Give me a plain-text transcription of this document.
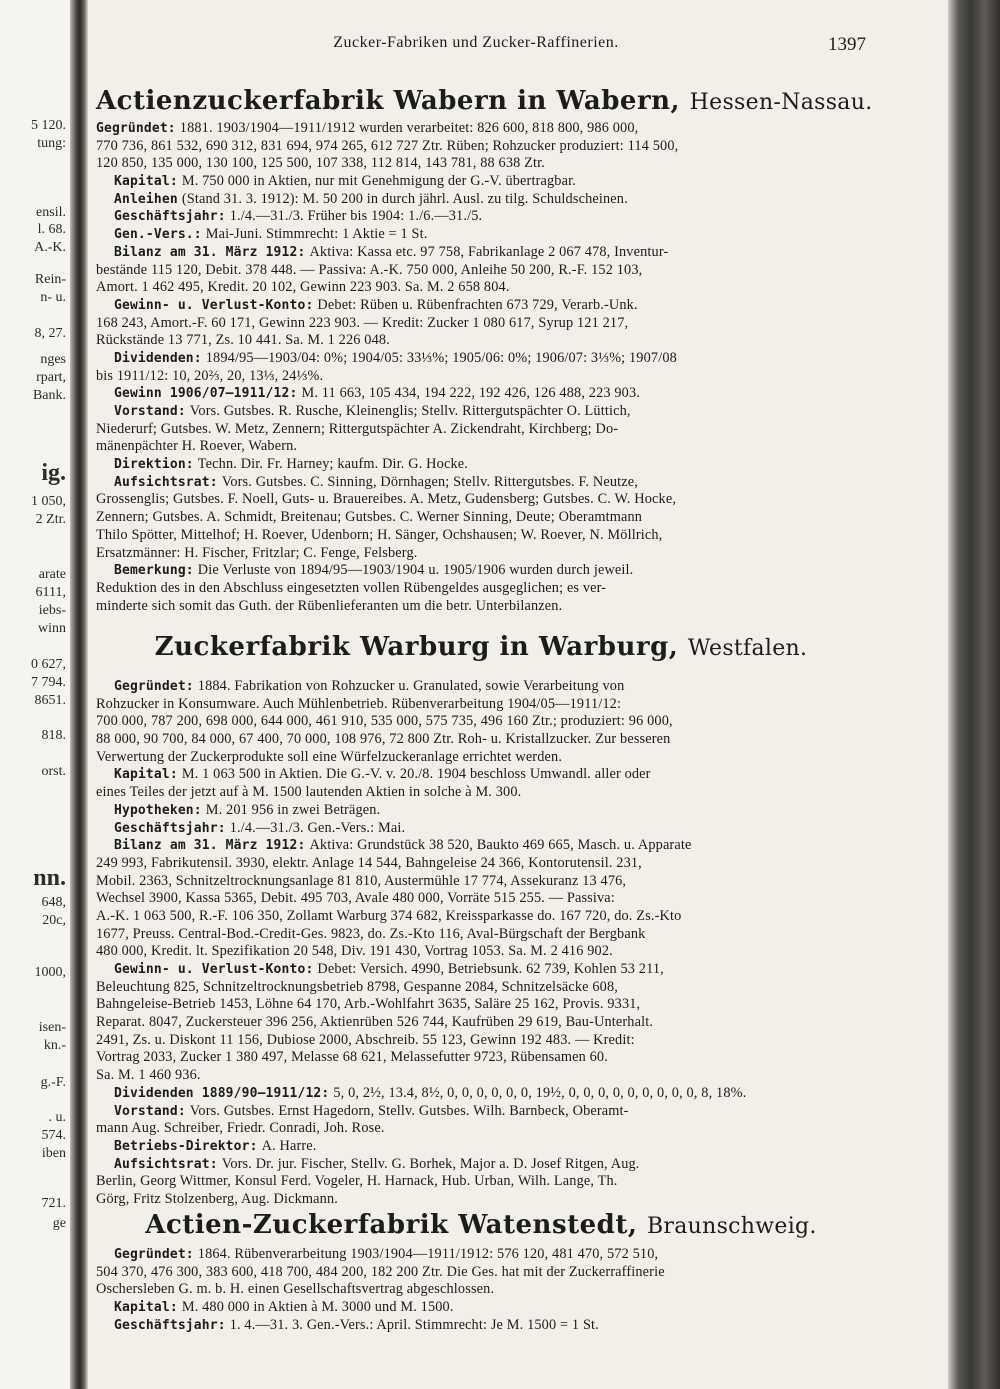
5 120.
tung:
ensil.
l. 68.
A.-K.
Rein-
n- u.
8, 27.
nges
rpart,
Bank.
ig.
1 050,
2 Ztr.
arate
6111,
iebs-
winn
0 627,
7 794.
8651.
818.
orst.
nn.
648,
20c,
1000,
isen-
kn.-
g.-F.
. u.
574.
iben
721.
ge
Zucker-Fabriken und Zucker-Raffinerien.	1397
Actienzuckerfabrik Wabern in Wabern, Hessen-Nassau.
Gegründet: 1881. 1903/1904—1911/1912 wurden verarbeitet: 826 600, 818 800, 986 000,
770 736, 861 532, 690 312, 831 694, 974 265, 612 727 Ztr. Rüben; Rohzucker produziert: 114 500,
120 850, 135 000, 130 100, 125 500, 107 338, 112 814, 143 781, 88 638 Ztr.
Kapital: M. 750 000 in Aktien, nur mit Genehmigung der G.-V. übertragbar.
Anleihen (Stand 31. 3. 1912): M. 50 200 in durch jährl. Ausl. zu tilg. Schuldscheinen.
Geschäftsjahr: 1./4.—31./3. Früher bis 1904: 1./6.—31./5.
Gen.-Vers.: Mai-Juni. Stimmrecht: 1 Aktie = 1 St.
Bilanz am 31. März 1912: Aktiva: Kassa etc. 97 758, Fabrikanlage 2 067 478, Inventur-
bestände 115 120, Debit. 378 448. — Passiva: A.-K. 750 000, Anleihe 50 200, R.-F. 152 103,
Amort. 1 462 495, Kredit. 20 102, Gewinn 223 903. Sa. M. 2 658 804.
Gewinn- u. Verlust-Konto: Debet: Rüben u. Rübenfrachten 673 729, Verarb.-Unk.
168 243, Amort.-F. 60 171, Gewinn 223 903. — Kredit: Zucker 1 080 617, Syrup 121 217,
Rückstände 13 771, Zs. 10 441. Sa. M. 1 226 048.
Dividenden: 1894/95—1903/04: 0%; 1904/05: 33⅓%; 1905/06: 0%; 1906/07: 3⅓%; 1907/08
bis 1911/12: 10, 20⅔, 20, 13⅓, 24⅓%.
Gewinn 1906/07—1911/12: M. 11 663, 105 434, 194 222, 192 426, 126 488, 223 903.
Vorstand: Vors. Gutsbes. R. Rusche, Kleinenglis; Stellv. Rittergutspächter O. Lüttich,
Niederurf; Gutsbes. W. Metz, Zennern; Rittergutspächter A. Zickendraht, Kirchberg; Do-
mänenpächter H. Roever, Wabern.
Direktion: Techn. Dir. Fr. Harney; kaufm. Dir. G. Hocke.
Aufsichtsrat: Vors. Gutsbes. C. Sinning, Dörnhagen; Stellv. Rittergutsbes. F. Neutze,
Grossenglis; Gutsbes. F. Noell, Guts- u. Brauereibes. A. Metz, Gudensberg; Gutsbes. C. W. Hocke,
Zennern; Gutsbes. A. Schmidt, Breitenau; Gutsbes. C. Werner Sinning, Deute; Oberamtmann
Thilo Spötter, Mittelhof; H. Roever, Udenborn; H. Sänger, Ochshausen; W. Roever, N. Möllrich,
Ersatzmänner: H. Fischer, Fritzlar; C. Fenge, Felsberg.
Bemerkung: Die Verluste von 1894/95—1903/1904 u. 1905/1906 wurden durch jeweil.
Reduktion des in den Abschluss eingesetzten vollen Rübengeldes ausgeglichen; es ver-
minderte sich somit das Guth. der Rübenlieferanten um die betr. Unterbilanzen.
Zuckerfabrik Warburg in Warburg, Westfalen.
Gegründet: 1884. Fabrikation von Rohzucker u. Granulated, sowie Verarbeitung von
Rohzucker in Konsumware. Auch Mühlenbetrieb. Rübenverarbeitung 1904/05—1911/12:
700 000, 787 200, 698 000, 644 000, 461 910, 535 000, 575 735, 496 160 Ztr.; produziert: 96 000,
88 000, 90 700, 84 000, 67 400, 70 000, 108 976, 72 800 Ztr. Roh- u. Kristallzucker. Zur besseren
Verwertung der Zuckerprodukte soll eine Würfelzuckeranlage errichtet werden.
Kapital: M. 1 063 500 in Aktien. Die G.-V. v. 20./8. 1904 beschloss Umwandl. aller oder
eines Teiles der jetzt auf à M. 1500 lautenden Aktien in solche à M. 300.
Hypotheken: M. 201 956 in zwei Beträgen.
Geschäftsjahr: 1./4.—31./3. Gen.-Vers.: Mai.
Bilanz am 31. März 1912: Aktiva: Grundstück 38 520, Baukto 469 665, Masch. u. Apparate
249 993, Fabrikutensil. 3930, elektr. Anlage 14 544, Bahngeleise 24 366, Kontorutensil. 231,
Mobil. 2363, Schnitzeltrocknungsanlage 81 810, Austermühle 17 774, Assekuranz 13 476,
Wechsel 3900, Kassa 5365, Debit. 495 703, Avale 480 000, Vorräte 515 255. — Passiva:
A.-K. 1 063 500, R.-F. 106 350, Zollamt Warburg 374 682, Kreissparkasse do. 167 720, do. Zs.-Kto
1677, Preuss. Central-Bod.-Credit-Ges. 9823, do. Zs.-Kto 116, Aval-Bürgschaft der Bergbank
480 000, Kredit. lt. Spezifikation 20 548, Div. 191 430, Vortrag 1053. Sa. M. 2 416 902.
Gewinn- u. Verlust-Konto: Debet: Versich. 4990, Betriebsunk. 62 739, Kohlen 53 211,
Beleuchtung 825, Schnitzeltrocknungsbetrieb 8798, Gespanne 2084, Schnitzelsäcke 608,
Bahngeleise-Betrieb 1453, Löhne 64 170, Arb.-Wohlfahrt 3635, Saläre 25 162, Provis. 9331,
Reparat. 8047, Zuckersteuer 396 256, Aktienrüben 526 744, Kaufrüben 29 619, Bau-Unterhalt.
2491, Zs. u. Diskont 11 156, Dubiose 2000, Abschreib. 55 123, Gewinn 192 483. — Kredit:
Vortrag 2033, Zucker 1 380 497, Melasse 68 621, Melassefutter 9723, Rübensamen 60.
Sa. M. 1 460 936.
Dividenden 1889/90—1911/12: 5, 0, 2½, 13.4, 8½, 0, 0, 0, 0, 0, 0, 19½, 0, 0, 0, 0, 0, 0, 0, 0, 0, 8, 18%.
Vorstand: Vors. Gutsbes. Ernst Hagedorn, Stellv. Gutsbes. Wilh. Barnbeck, Oberamt-
mann Aug. Schreiber, Friedr. Conradi, Joh. Rose.
Betriebs-Direktor: A. Harre.
Aufsichtsrat: Vors. Dr. jur. Fischer, Stellv. G. Borhek, Major a. D. Josef Ritgen, Aug.
Berlin, Georg Wittmer, Konsul Ferd. Vogeler, H. Harnack, Hub. Urban, Wilh. Lange, Th.
Görg, Fritz Stolzenberg, Aug. Dickmann.
Actien-Zuckerfabrik Watenstedt, Braunschweig.
Gegründet: 1864. Rübenverarbeitung 1903/1904—1911/1912: 576 120, 481 470, 572 510,
504 370, 476 300, 383 600, 418 700, 484 200, 182 200 Ztr. Die Ges. hat mit der Zuckerraffinerie
Oschersleben G. m. b. H. einen Gesellschaftsvertrag abgeschlossen.
Kapital: M. 480 000 in Aktien à M. 3000 und M. 1500.
Geschäftsjahr: 1. 4.—31. 3. Gen.-Vers.: April. Stimmrecht: Je M. 1500 = 1 St.
